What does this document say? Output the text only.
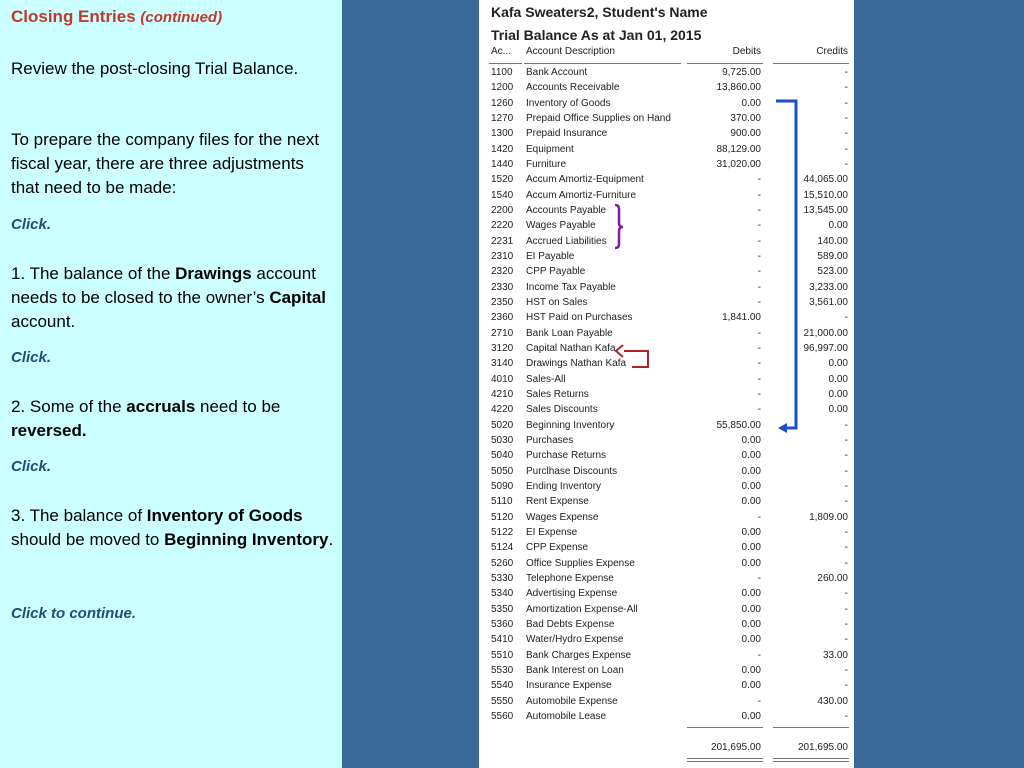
Closing Entries (continued)
Review the post-closing Trial Balance.
To prepare the company files for the next fiscal year, there are three adjustments that need to be made:
Click.
1. The balance of the Drawings account needs to be closed to the owner’s Capital account.
Click.
2. Some of the accruals need to be reversed.
Click.
3. The balance of Inventory of Goods should be moved to Beginning Inventory.
Click to continue.
Kafa Sweaters2, Student's Name
Trial Balance As at Jan 01, 2015
Ac... Account Description	Debits	Credits
1100 Bank Account	9,725.00	-
1200 Accounts Receivable	13,860.00	-
1260 Inventory of Goods	0.00	-
1270 Prepaid Office Supplies on Hand	370.00	-
1300 Prepaid Insurance	900.00	-
1420 Equipment	88,129.00	-
1440 Furniture	31,020.00	-
1520 Accum Amortiz-Equipment	-	44,065.00
1540 Accum Amortiz-Furniture	-	15,510.00
2200 Accounts Payable	-	13,545.00
2220 Wages Payable	-	0.00
2231 Accrued Liabilities	-	140.00
2310 EI Payable	-	589.00
2320 CPP Payable	-	523.00
2330 Income Tax Payable	-	3,233.00
2350 HST on Sales	-	3,561.00
2360 HST Paid on Purchases	1,841.00	-
2710 Bank Loan Payable	-	21,000.00
3120 Capital Nathan Kafa	-	96,997.00
3140 Drawings Nathan Kafa	-	0.00
4010 Sales-All	-	0.00
4210 Sales Returns	-	0.00
4220 Sales Discounts	-	0.00
5020 Beginning Inventory	55,850.00	-
5030 Purchases	0.00	-
5040 Purchase Returns	0.00	-
5050 Purclhase Discounts	0.00	-
5090 Ending Inventory	0.00	-
5110 Rent Expense	0.00	-
5120 Wages Expense	-	1,809.00
5122 EI Expense	0.00	-
5124 CPP Expense	0.00	-
5260 Office Supplies Expense	0.00	-
5330 Telephone Expense	-	260.00
5340 Advertising Expense	0.00	-
5350 Amortization Expense-All	0.00	-
5360 Bad Debts Expense	0.00	-
5410 Water/Hydro Expense	0.00	-
5510 Bank Charges Expense	-	33.00
5530 Bank Interest on Loan	0.00	-
5540 Insurance Expense	0.00	-
5550 Automobile Expense	-	430.00
5560 Automobile Lease	0.00	-
201,695.00	201,695.00
